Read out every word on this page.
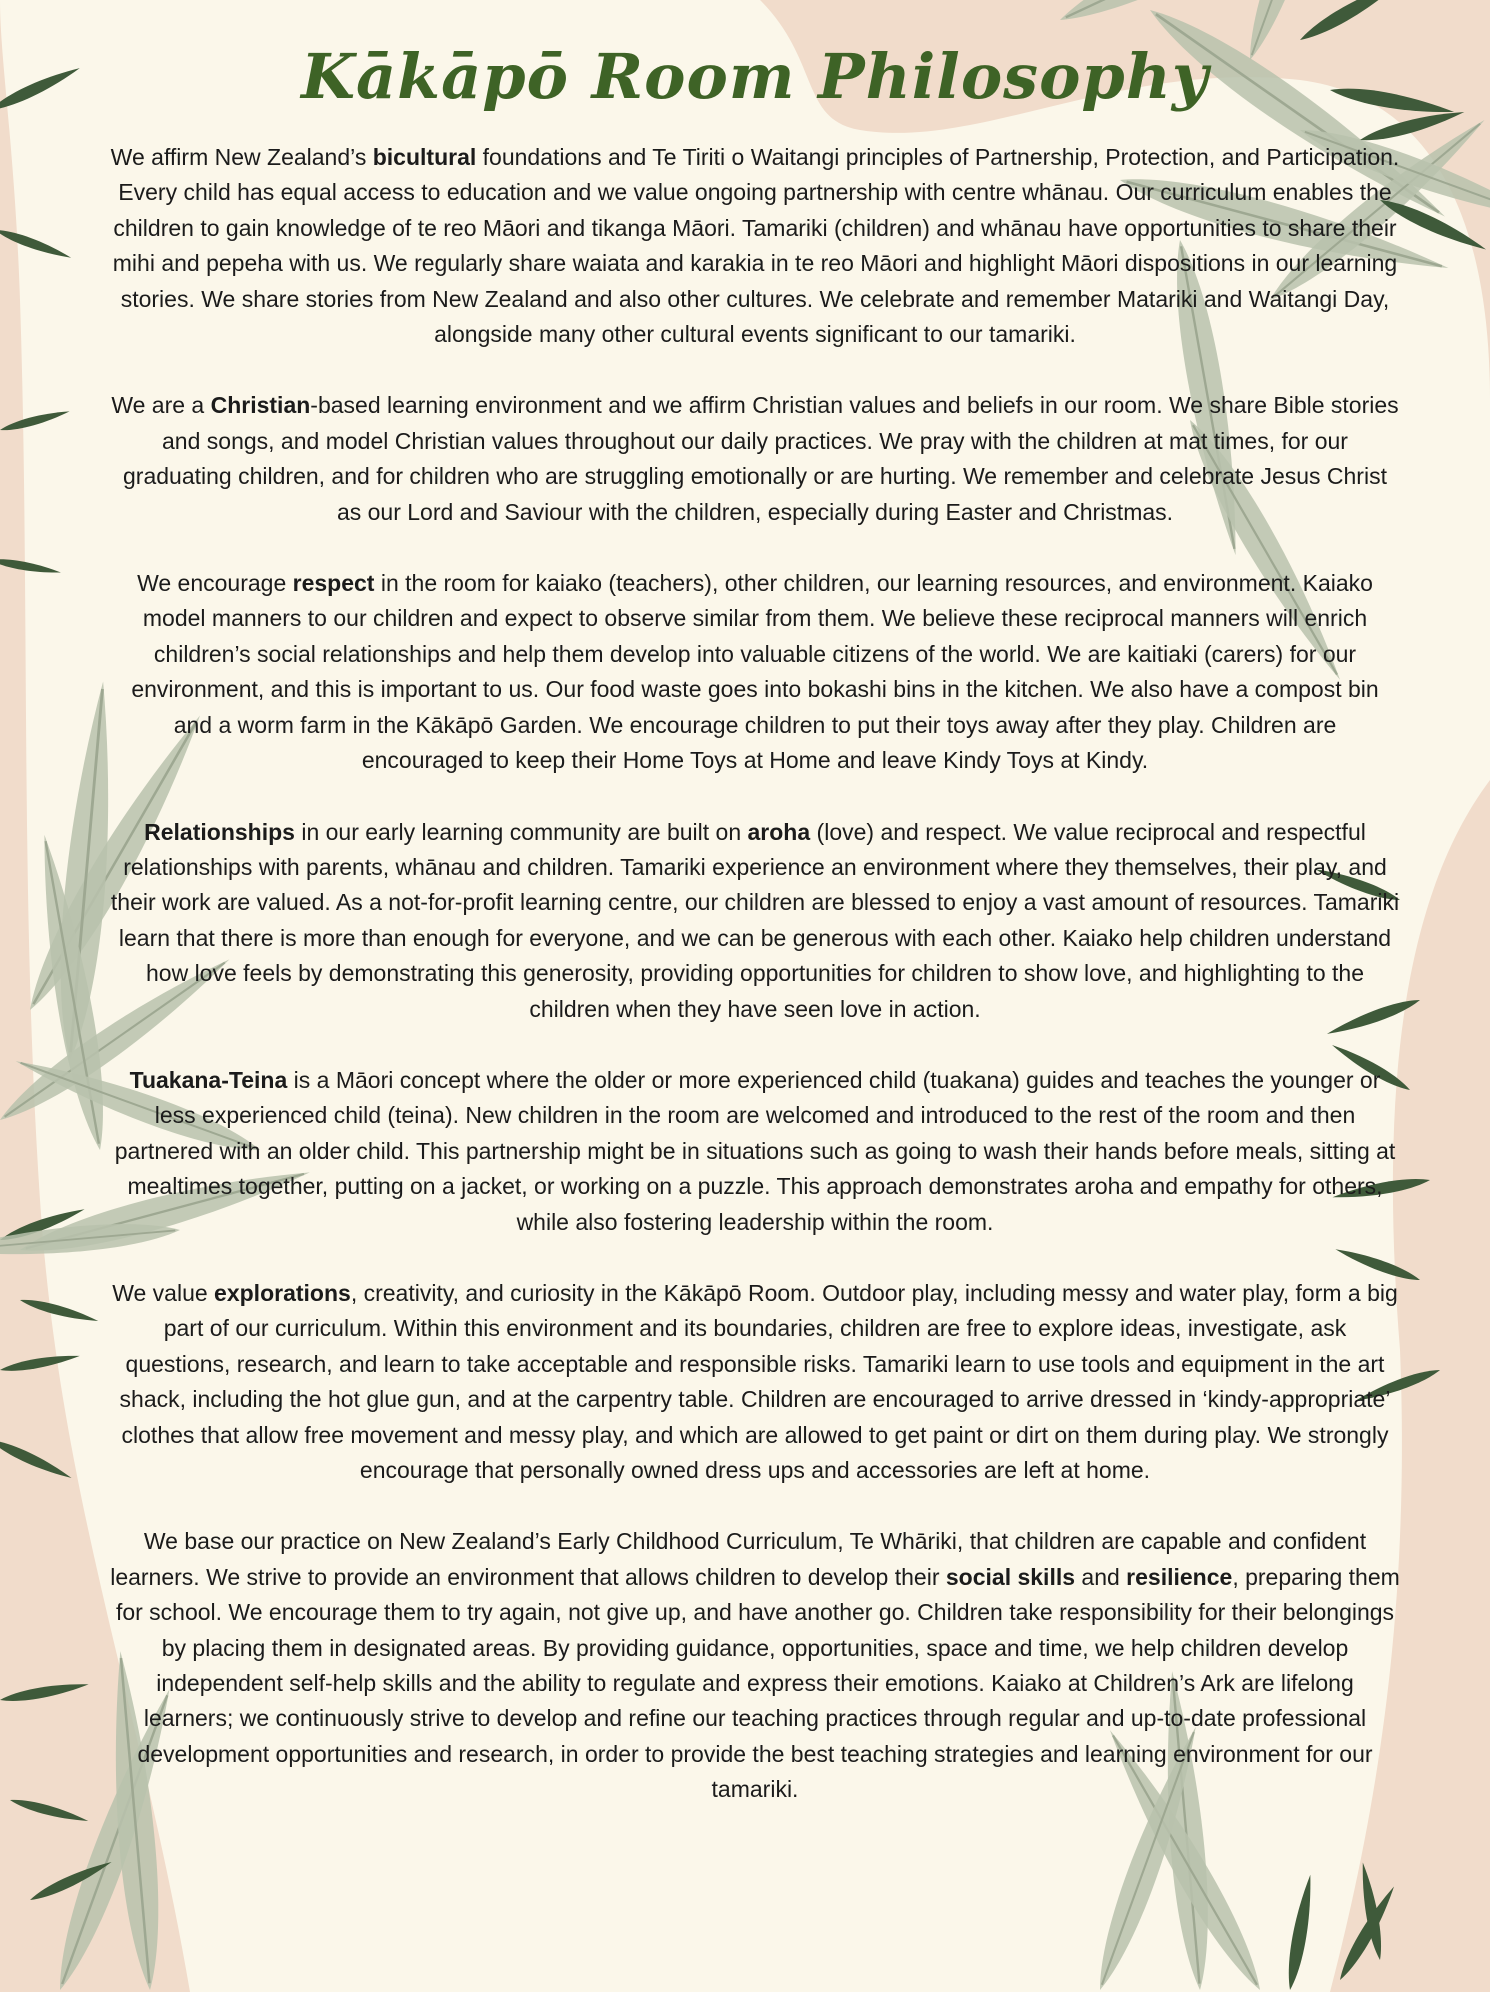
Kākāpō Room Philosophy

We affirm New Zealand’s bicultural foundations and Te Tiriti o Waitangi principles of Partnership, Protection, and Participation. Every child has equal access to education and we value ongoing partnership with centre whānau. Our curriculum enables the children to gain knowledge of te reo Māori and tikanga Māori. Tamariki (children) and whānau have opportunities to share their mihi and pepeha with us. We regularly share waiata and karakia in te reo Māori and highlight Māori dispositions in our learning stories. We share stories from New Zealand and also other cultures. We celebrate and remember Matariki and Waitangi Day, alongside many other cultural events significant to our tamariki.

We are a Christian-based learning environment and we affirm Christian values and beliefs in our room. We share Bible stories and songs, and model Christian values throughout our daily practices. We pray with the children at mat times, for our graduating children, and for children who are struggling emotionally or are hurting. We remember and celebrate Jesus Christ as our Lord and Saviour with the children, especially during Easter and Christmas.

We encourage respect in the room for kaiako (teachers), other children, our learning resources, and environment. Kaiako model manners to our children and expect to observe similar from them. We believe these reciprocal manners will enrich children’s social relationships and help them develop into valuable citizens of the world. We are kaitiaki (carers) for our environment, and this is important to us. Our food waste goes into bokashi bins in the kitchen. We also have a compost bin and a worm farm in the Kākāpō Garden. We encourage children to put their toys away after they play. Children are encouraged to keep their Home Toys at Home and leave Kindy Toys at Kindy.

Relationships in our early learning community are built on aroha (love) and respect. We value reciprocal and respectful relationships with parents, whānau and children. Tamariki experience an environment where they themselves, their play, and their work are valued. As a not-for-profit learning centre, our children are blessed to enjoy a vast amount of resources. Tamariki learn that there is more than enough for everyone, and we can be generous with each other. Kaiako help children understand how love feels by demonstrating this generosity, providing opportunities for children to show love, and highlighting to the children when they have seen love in action.

Tuakana-Teina is a Māori concept where the older or more experienced child (tuakana) guides and teaches the younger or less experienced child (teina). New children in the room are welcomed and introduced to the rest of the room and then partnered with an older child. This partnership might be in situations such as going to wash their hands before meals, sitting at mealtimes together, putting on a jacket, or working on a puzzle. This approach demonstrates aroha and empathy for others, while also fostering leadership within the room.

We value explorations, creativity, and curiosity in the Kākāpō Room. Outdoor play, including messy and water play, form a big part of our curriculum. Within this environment and its boundaries, children are free to explore ideas, investigate, ask questions, research, and learn to take acceptable and responsible risks. Tamariki learn to use tools and equipment in the art shack, including the hot glue gun, and at the carpentry table. Children are encouraged to arrive dressed in ‘kindy-appropriate’ clothes that allow free movement and messy play, and which are allowed to get paint or dirt on them during play. We strongly encourage that personally owned dress ups and accessories are left at home.

We base our practice on New Zealand’s Early Childhood Curriculum, Te Whāriki, that children are capable and confident learners. We strive to provide an environment that allows children to develop their social skills and resilience, preparing them for school. We encourage them to try again, not give up, and have another go. Children take responsibility for their belongings by placing them in designated areas. By providing guidance, opportunities, space and time, we help children develop independent self-help skills and the ability to regulate and express their emotions. Kaiako at Children’s Ark are lifelong learners; we continuously strive to develop and refine our teaching practices through regular and up-to-date professional development opportunities and research, in order to provide the best teaching strategies and learning environment for our tamariki.
